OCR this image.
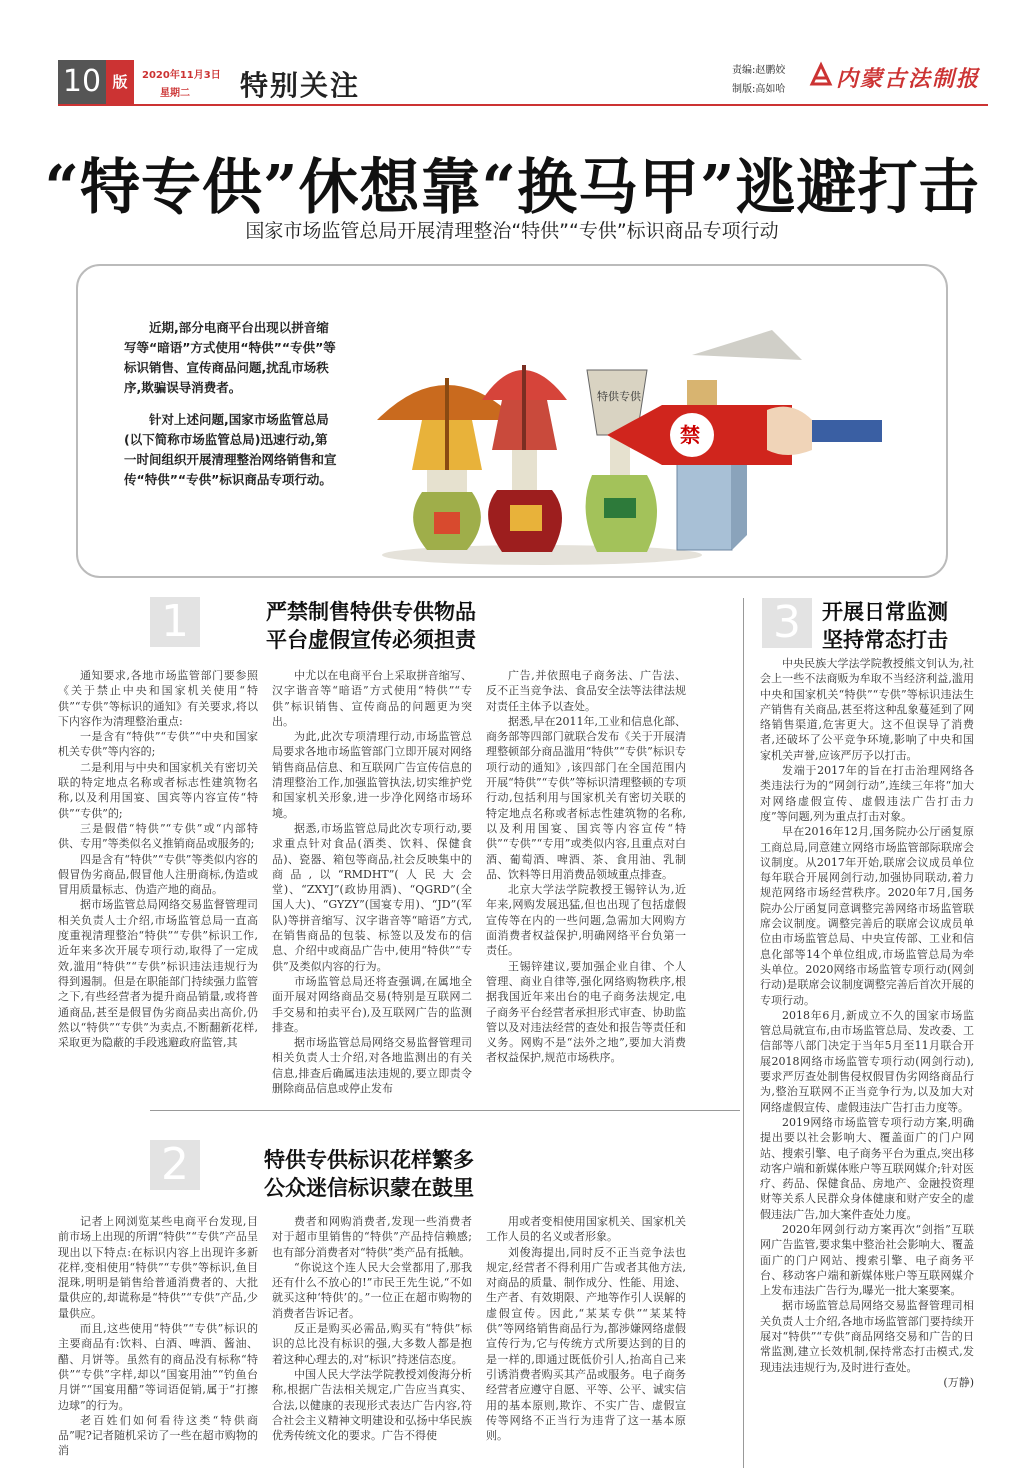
10 版	2020年11月3日
星期二 特别关注	责编:赵鹏姣
制版:高如哈 内蒙古法制报
“特专供”休想靠“换马甲”逃避打击
国家市场监管总局开展清理整治“特供”“专供”标识商品专项行动

近期,部分电商平台出现以拼音缩写等“暗语”方式使用“特供”“专供”等标识销售、宣传商品问题,扰乱市场秩序,欺骗误导消费者。

针对上述问题,国家市场监管总局(以下简称市场监管总局)迅速行动,第一时间组织开展清理整治网络销售和宣传“特供”“专供”标识商品专项行动。

特供专供
禁
1	严禁制售特供专供物品
平台虚假宣传必须担责

通知要求,各地市场监管部门要参照《关于禁止中央和国家机关使用“特供”“专供”等标识的通知》有关要求,将以下内容作为清理整治重点:

一是含有“特供”“专供”“中央和国家机关专供”等内容的;

二是利用与中央和国家机关有密切关联的特定地点名称或者标志性建筑物名称,以及利用国宴、国宾等内容宣传“特供”“专供”的;

三是假借“特供”“专供”或“内部特供、专用”等类似名义推销商品或服务的;

四是含有“特供”“专供”等类似内容的假冒伪劣商品,假冒他人注册商标,伪造或冒用质量标志、伪造产地的商品。

据市场监管总局网络交易监督管理司相关负责人士介绍,市场监管总局一直高度重视清理整治“特供”“专供”标识工作,近年来多次开展专项行动,取得了一定成效,滥用“特供”“专供”标识违法违规行为得到遏制。但是在职能部门持续强力监管之下,有些经营者为提升商品销量,或将普通商品,甚至是假冒伪劣商品卖出高价,仍然以“特供”“专供”为卖点,不断翻新花样,采取更为隐蔽的手段逃避政府监管,其

中尤以在电商平台上采取拼音缩写、汉字谐音等“暗语”方式使用“特供”“专供”标识销售、宣传商品的问题更为突出。

为此,此次专项清理行动,市场监管总局要求各地市场监管部门立即开展对网络销售商品信息、和互联网广告宣传信息的清理整治工作,加强监管执法,切实维护党和国家机关形象,进一步净化网络市场环境。

据悉,市场监管总局此次专项行动,要求重点针对食品(酒类、饮料、保健食品)、瓷器、箱包等商品,社会反映集中的商品,以“RMDHT”(人民大会堂)、“ZXYJ”(政协用酒)、“QGRD”(全国人大)、“GYZY”(国宴专用)、“JD”(军队)等拼音缩写、汉字谐音等“暗语”方式,在销售商品的包装、标签以及发布的信息、介绍中或商品广告中,使用“特供”“专供”及类似内容的行为。

市场监管总局还将查强调,在属地全面开展对网络商品交易(特别是互联网二手交易和拍卖平台),及互联网广告的监测排查。

据市场监管总局网络交易监督管理司相关负责人士介绍,对各地监测出的有关信息,排查后确属违法违规的,要立即责令删除商品信息或停止发布

广告,并依照电子商务法、广告法、反不正当竞争法、食品安全法等法律法规对责任主体予以查处。

据悉,早在2011年,工业和信息化部、商务部等四部门就联合发布《关于开展清理整顿部分商品滥用“特供”“专供”标识专项行动的通知》,该四部门在全国范围内开展“特供”“专供”等标识清理整顿的专项行动,包括利用与国家机关有密切关联的特定地点名称或者标志性建筑物的名称,以及利用国宴、国宾等内容宣传“特供”“专供”“专用”或类似内容,且重点对白酒、葡萄酒、啤酒、茶、食用油、乳制品、饮料等日用消费品领域重点排查。

北京大学法学院教授王锡锌认为,近年来,网购发展迅猛,但也出现了包括虚假宣传等在内的一些问题,急需加大网购方面消费者权益保护,明确网络平台负第一责任。

王锡锌建议,要加强企业自律、个人管理、商业自律等,强化网络购物秩序,根据我国近年来出台的电子商务法规定,电子商务平台经营者承担形式审查、协助监管以及对违法经营的查处和报告等责任和义务。网购不是“法外之地”,要加大消费者权益保护,规范市场秩序。

2	特供专供标识花样繁多
公众迷信标识蒙在鼓里

记者上网浏览某些电商平台发现,目前市场上出现的所谓“特供”“专供”产品呈现出以下特点:在标识内容上出现许多新花样,变相使用“特供”“专供”等标识,鱼目混珠,明明是销售给普通消费者的、大批量供应的,却谎称是“特供”“专供”产品,少量供应。

而且,这些使用“特供”“专供”标识的主要商品有:饮料、白酒、啤酒、酱油、醋、月饼等。虽然有的商品没有标称“特供”“专供”字样,却以“国宴用油”“钓鱼台月饼”“国宴用醋”等词语促销,属于“打擦边球”的行为。

老百姓们如何看待这类“特供商品”呢?记者随机采访了一些在超市购物的消

费者和网购消费者,发现一些消费者对于超市里销售的“特供”产品持信赖感;也有部分消费者对“特供”类产品有抵触。

“你说这个连人民大会堂都用了,那我还有什么不放心的!”市民王先生说,“不如就买这种‘特供’的。”一位正在超市购物的消费者告诉记者。

反正是购买必需品,购买有“特供”标识的总比没有标识的强,大多数人都是抱着这种心理去的,对“标识”持迷信态度。

中国人民大学法学院教授刘俊海分析称,根据广告法相关规定,广告应当真实、合法,以健康的表现形式表达广告内容,符合社会主义精神文明建设和弘扬中华民族优秀传统文化的要求。广告不得使

用或者变相使用国家机关、国家机关工作人员的名义或者形象。

刘俊海提出,同时反不正当竞争法也规定,经营者不得利用广告或者其他方法,对商品的质量、制作成分、性能、用途、生产者、有效期限、产地等作引人误解的虚假宣传。因此,“某某专供”“某某特供”等网络销售商品行为,都涉嫌网络虚假宣传行为,它与传统方式所要达到的目的是一样的,即通过既低价引人,抬高自己来引诱消费者购买其产品或服务。电子商务经营者应遵守自愿、平等、公平、诚实信用的基本原则,欺诈、不实广告、虚假宣传等网络不正当行为违背了这一基本原则。

3	开展日常监测
坚持常态打击

中央民族大学法学院教授熊文钊认为,社会上一些不法商贩为牟取不当经济利益,滥用中央和国家机关“特供”“专供”等标识违法生产销售有关商品,甚至将这种乱象蔓延到了网络销售渠道,危害更大。这不但误导了消费者,还破坏了公平竞争环境,影响了中央和国家机关声誉,应该严厉予以打击。

发端于2017年的旨在打击治理网络各类违法行为的“网剑行动”,连续三年将“加大对网络虚假宣传、虚假违法广告打击力度”等问题,列为重点打击对象。

早在2016年12月,国务院办公厅函复原工商总局,同意建立网络市场监管部际联席会议制度。从2017年开始,联席会议成员单位每年联合开展网剑行动,加强协同联动,着力规范网络市场经营秩序。2020年7月,国务院办公厅函复同意调整完善网络市场监管联席会议制度。调整完善后的联席会议成员单位由市场监管总局、中央宣传部、工业和信息化部等14个单位组成,市场监管总局为牵头单位。2020网络市场监管专项行动(网剑行动)是联席会议制度调整完善后首次开展的专项行动。

2018年6月,新成立不久的国家市场监管总局就宣布,由市场监管总局、发改委、工信部等八部门决定于当年5月至11月联合开展2018网络市场监管专项行动(网剑行动),要求严厉查处制售侵权假冒伪劣网络商品行为,整治互联网不正当竞争行为,以及加大对网络虚假宣传、虚假违法广告打击力度等。

2019网络市场监管专项行动方案,明确提出要以社会影响大、覆盖面广的门户网站、搜索引擎、电子商务平台为重点,突出移动客户端和新媒体账户等互联网媒介;针对医疗、药品、保健食品、房地产、金融投资理财等关系人民群众身体健康和财产安全的虚假违法广告,加大案件查处力度。

2020年网剑行动方案再次“剑指”互联网广告监管,要求集中整治社会影响大、覆盖面广的门户网站、搜索引擎、电子商务平台、移动客户端和新媒体账户等互联网媒介上发布违法广告行为,曝光一批大案要案。

据市场监管总局网络交易监督管理司相关负责人士介绍,各地市场监管部门要持续开展对“特供”“专供”商品网络交易和广告的日常监测,建立长效机制,保持常态打击模式,发现违法违规行为,及时进行查处。

(万静)
